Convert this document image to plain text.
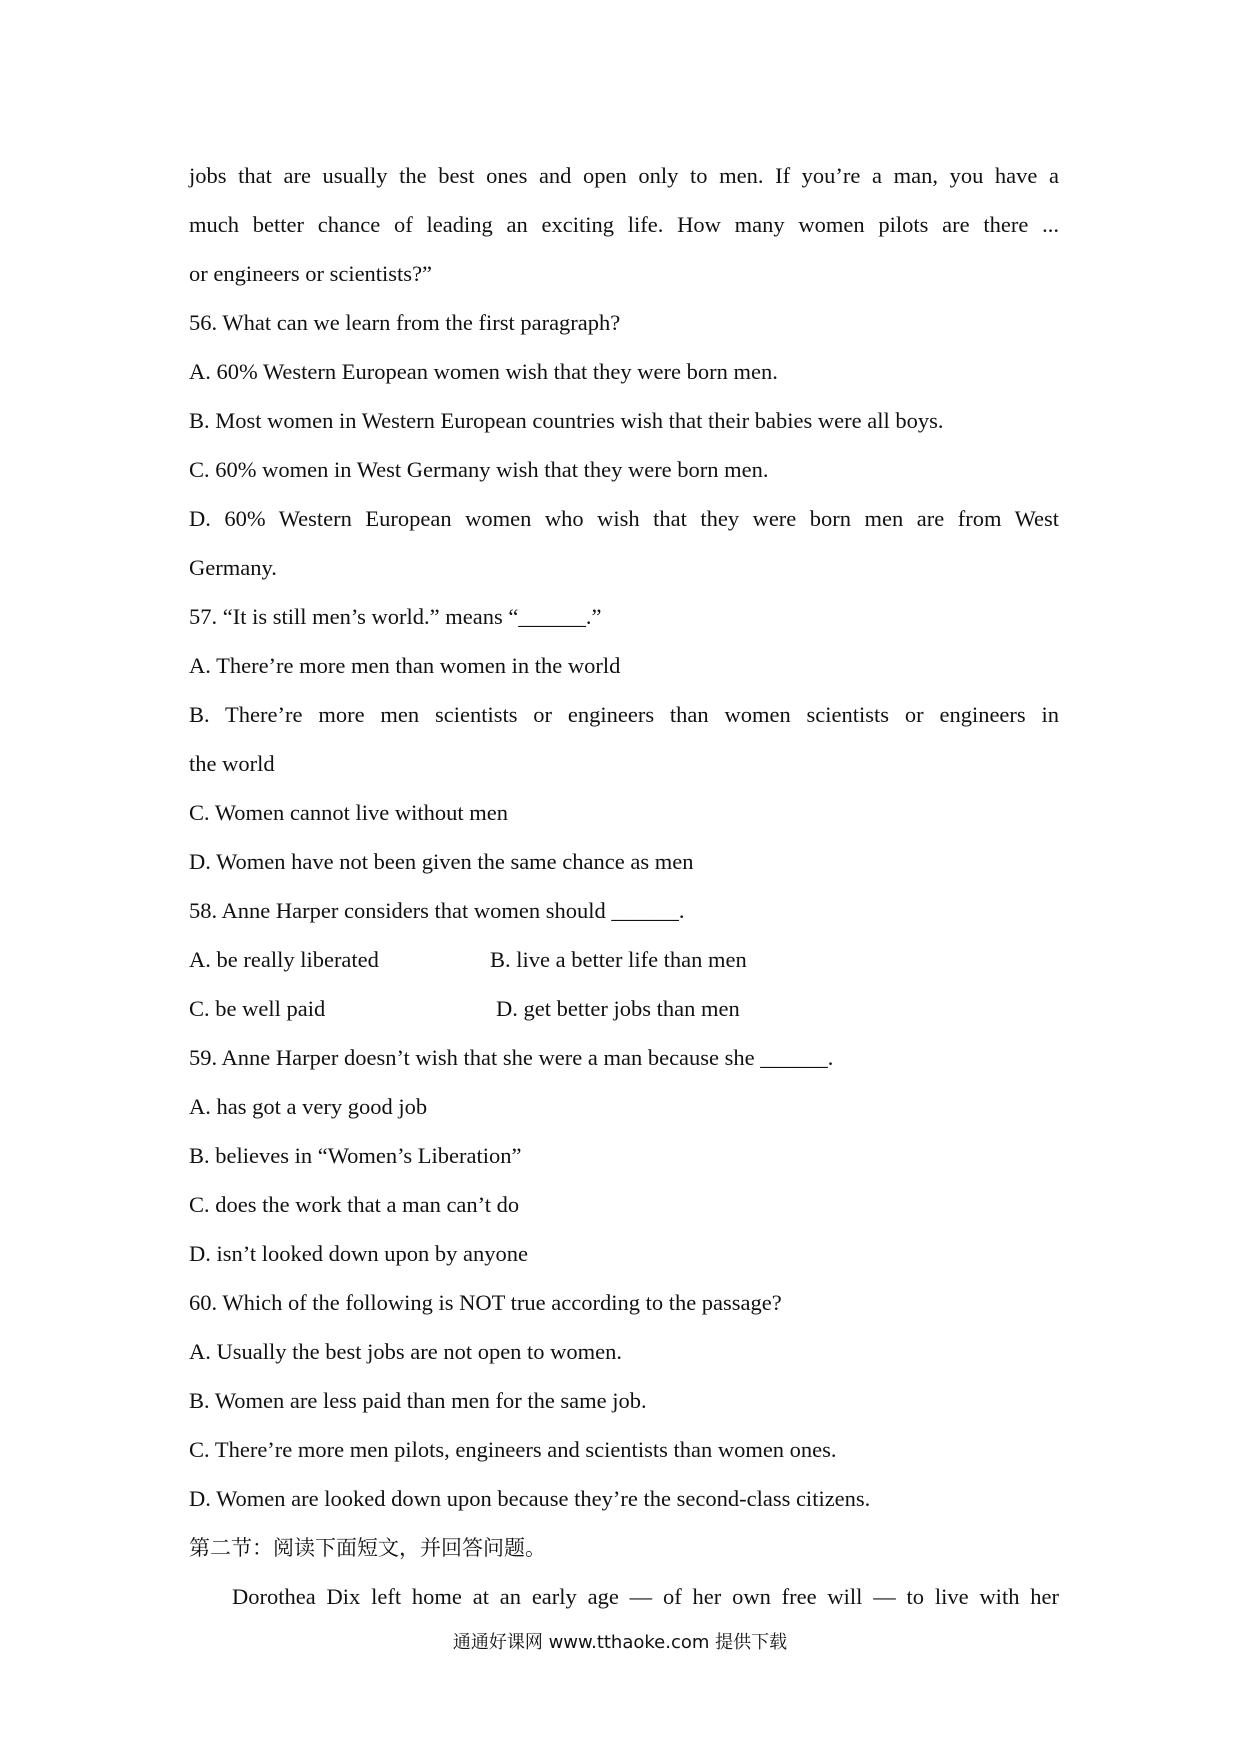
jobs that are usually the best ones and open only to men. If you’re a man, you have a
much better chance of leading an exciting life. How many women pilots are there ...
or engineers or scientists?”
56. What can we learn from the first paragraph?
A. 60% Western European women wish that they were born men.
B. Most women in Western European countries wish that their babies were all boys.
C. 60% women in West Germany wish that they were born men.
D. 60% Western European women who wish that they were born men are from West
Germany.
57. “It is still men’s world.” means “______.”
A. There’re more men than women in the world
B. There’re more men scientists or engineers than women scientists or engineers in
the world
C. Women cannot live without men
D. Women have not been given the same chance as men
58. Anne Harper considers that women should ______.
A. be really liberated	B. live a better life than men
C. be well paid	D. get better jobs than men
59. Anne Harper doesn’t wish that she were a man because she ______.
A. has got a very good job
B. believes in “Women’s Liberation”
C. does the work that a man can’t do
D. isn’t looked down upon by anyone
60. Which of the following is NOT true according to the passage?
A. Usually the best jobs are not open to women.
B. Women are less paid than men for the same job.
C. There’re more men pilots, engineers and scientists than women ones.
D. Women are looked down upon because they’re the second-class citizens.
第二节：阅读下面短文，并回答问题。
Dorothea Dix left home at an early age — of her own free will — to live with her
通通好课网 www.tthaoke.com 提供下载
